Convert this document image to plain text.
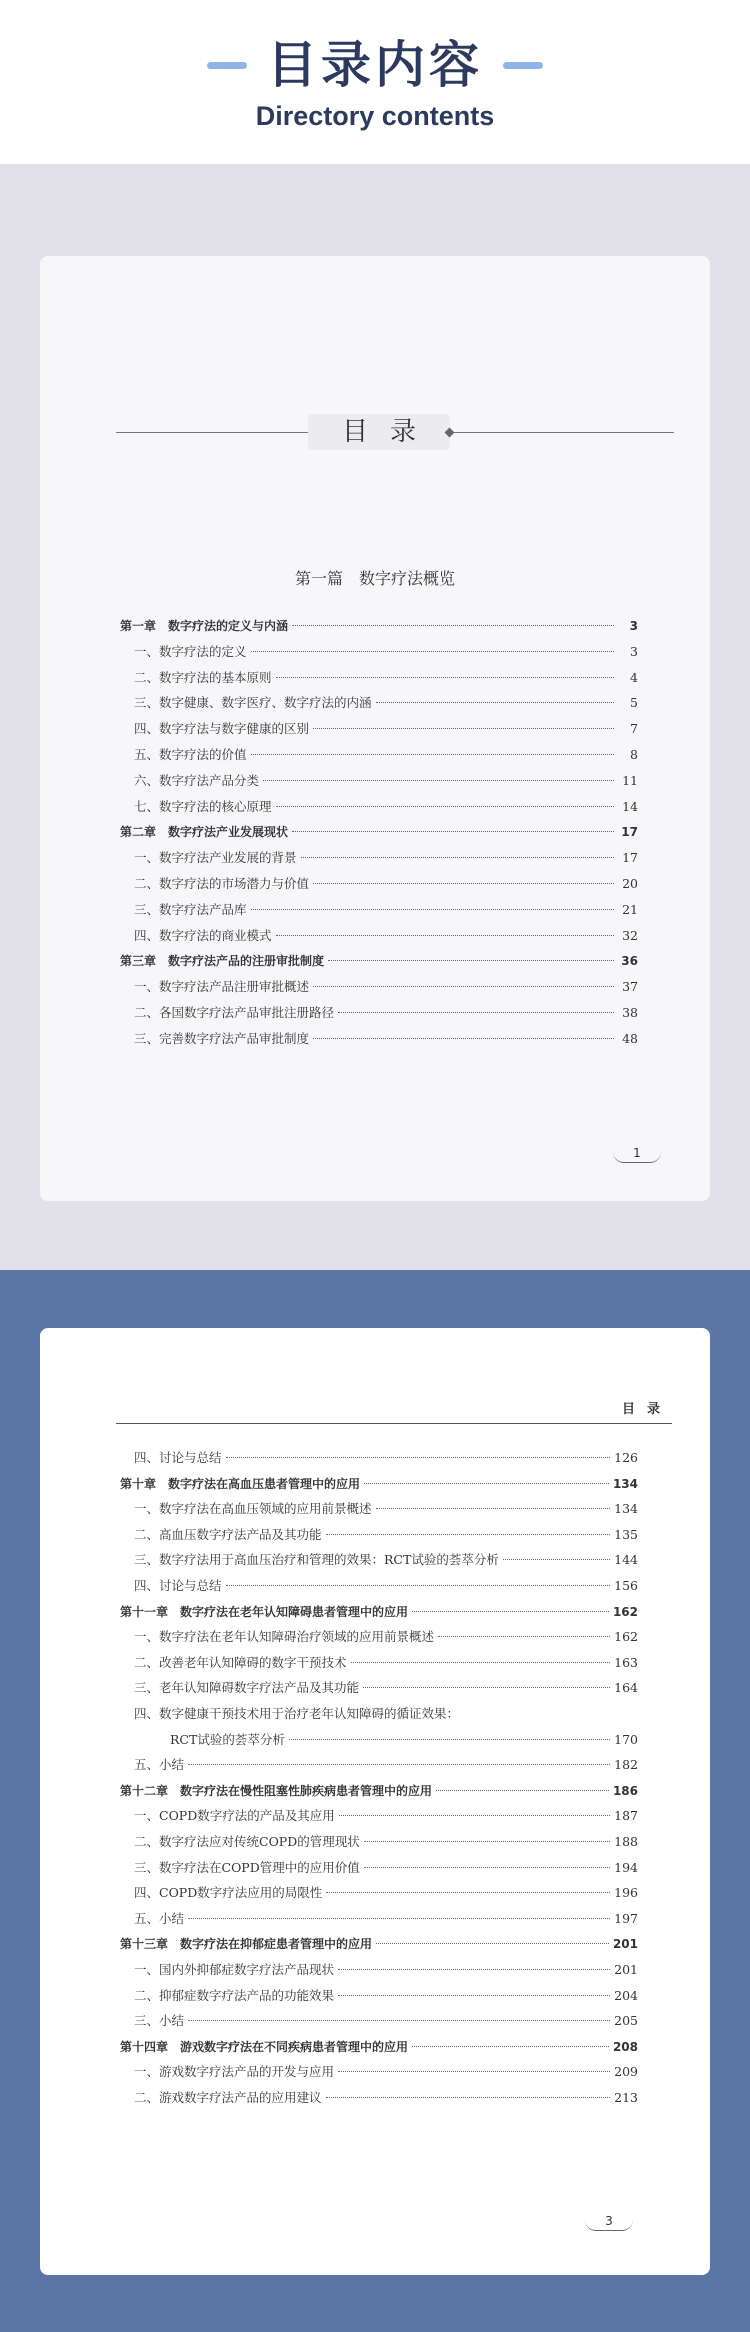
目录内容
Directory contents
目录
第一篇　数字疗法概览
第一章　数字疗法的定义与内涵	3
一、数字疗法的定义	3
二、数字疗法的基本原则	4
三、数字健康、数字医疗、数字疗法的内涵	5
四、数字疗法与数字健康的区别	7
五、数字疗法的价值	8
六、数字疗法产品分类	11
七、数字疗法的核心原理	14
第二章　数字疗法产业发展现状	17
一、数字疗法产业发展的背景	17
二、数字疗法的市场潜力与价值	20
三、数字疗法产品库	21
四、数字疗法的商业模式	32
第三章　数字疗法产品的注册审批制度	36
一、数字疗法产品注册审批概述	37
二、各国数字疗法产品审批注册路径	38
三、完善数字疗法产品审批制度	48
1
目录
四、讨论与总结	126
第十章　数字疗法在高血压患者管理中的应用	134
一、数字疗法在高血压领域的应用前景概述	134
二、高血压数字疗法产品及其功能	135
三、数字疗法用于高血压治疗和管理的效果：RCT试验的荟萃分析	144
四、讨论与总结	156
第十一章　数字疗法在老年认知障碍患者管理中的应用	162
一、数字疗法在老年认知障碍治疗领域的应用前景概述	162
二、改善老年认知障碍的数字干预技术	163
三、老年认知障碍数字疗法产品及其功能	164
四、数字健康干预技术用于治疗老年认知障碍的循证效果：
RCT试验的荟萃分析	170
五、小结	182
第十二章　数字疗法在慢性阻塞性肺疾病患者管理中的应用	186
一、COPD数字疗法的产品及其应用	187
二、数字疗法应对传统COPD的管理现状	188
三、数字疗法在COPD管理中的应用价值	194
四、COPD数字疗法应用的局限性	196
五、小结	197
第十三章　数字疗法在抑郁症患者管理中的应用	201
一、国内外抑郁症数字疗法产品现状	201
二、抑郁症数字疗法产品的功能效果	204
三、小结	205
第十四章　游戏数字疗法在不同疾病患者管理中的应用	208
一、游戏数字疗法产品的开发与应用	209
二、游戏数字疗法产品的应用建议	213
3
